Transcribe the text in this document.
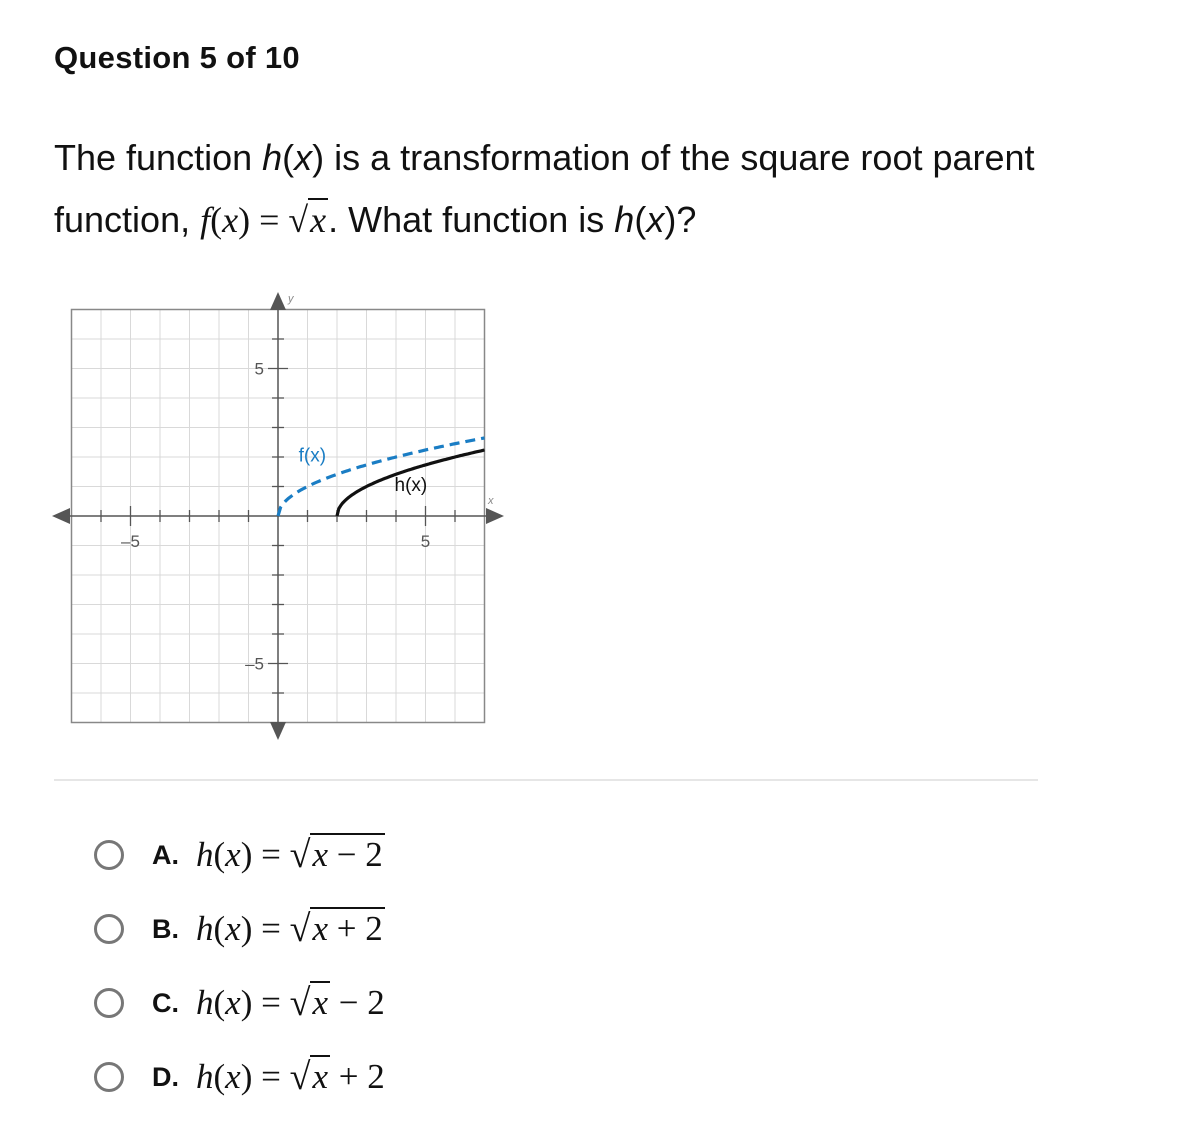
Question 5 of 10
The function h(x) is a transformation of the square root parent
function, f(x) = √x. What function is h(x)?
–5	5
5
–5
y
x
f(x)
h(x)
A. h(x) = √x − 2
B. h(x) = √x + 2
C. h(x) = √x − 2
D. h(x) = √x + 2
